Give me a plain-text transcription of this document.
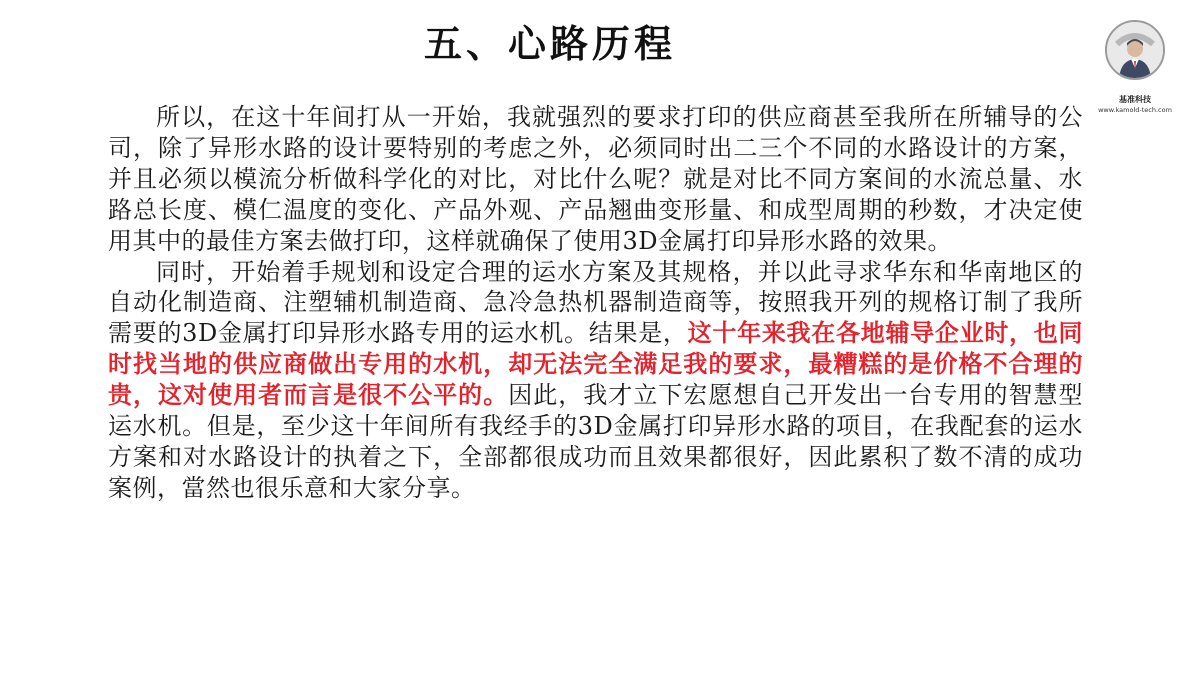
五、心路历程
基准科技
www.kamold-tech.com

所以，在这十年间打从一开始，我就强烈的要求打印的供应商甚至我所在所辅导的公司，除了异形水路的设计要特别的考虑之外，必须同时出二三个不同的水路设计的方案，并且必须以模流分析做科学化的对比，对比什么呢？就是对比不同方案间的水流总量、水路总长度、模仁温度的变化、产品外观、产品翘曲变形量、和成型周期的秒数，才决定使用其中的最佳方案去做打印，这样就确保了使用3D金属打印异形水路的效果。

同时，开始着手规划和设定合理的运水方案及其规格，并以此寻求华东和华南地区的自动化制造商、注塑辅机制造商、急冷急热机器制造商等，按照我开列的规格订制了我所需要的3D金属打印异形水路专用的运水机。结果是，这十年来我在各地辅导企业时，也同时找当地的供应商做出专用的水机，却无法完全满足我的要求，最糟糕的是价格不合理的贵，这对使用者而言是很不公平的。因此，我才立下宏愿想自己开发出一台专用的智慧型运水机。但是，至少这十年间所有我经手的3D金属打印异形水路的项目，在我配套的运水方案和对水路设计的执着之下，全部都很成功而且效果都很好，因此累积了数不清的成功案例，當然也很乐意和大家分享。
